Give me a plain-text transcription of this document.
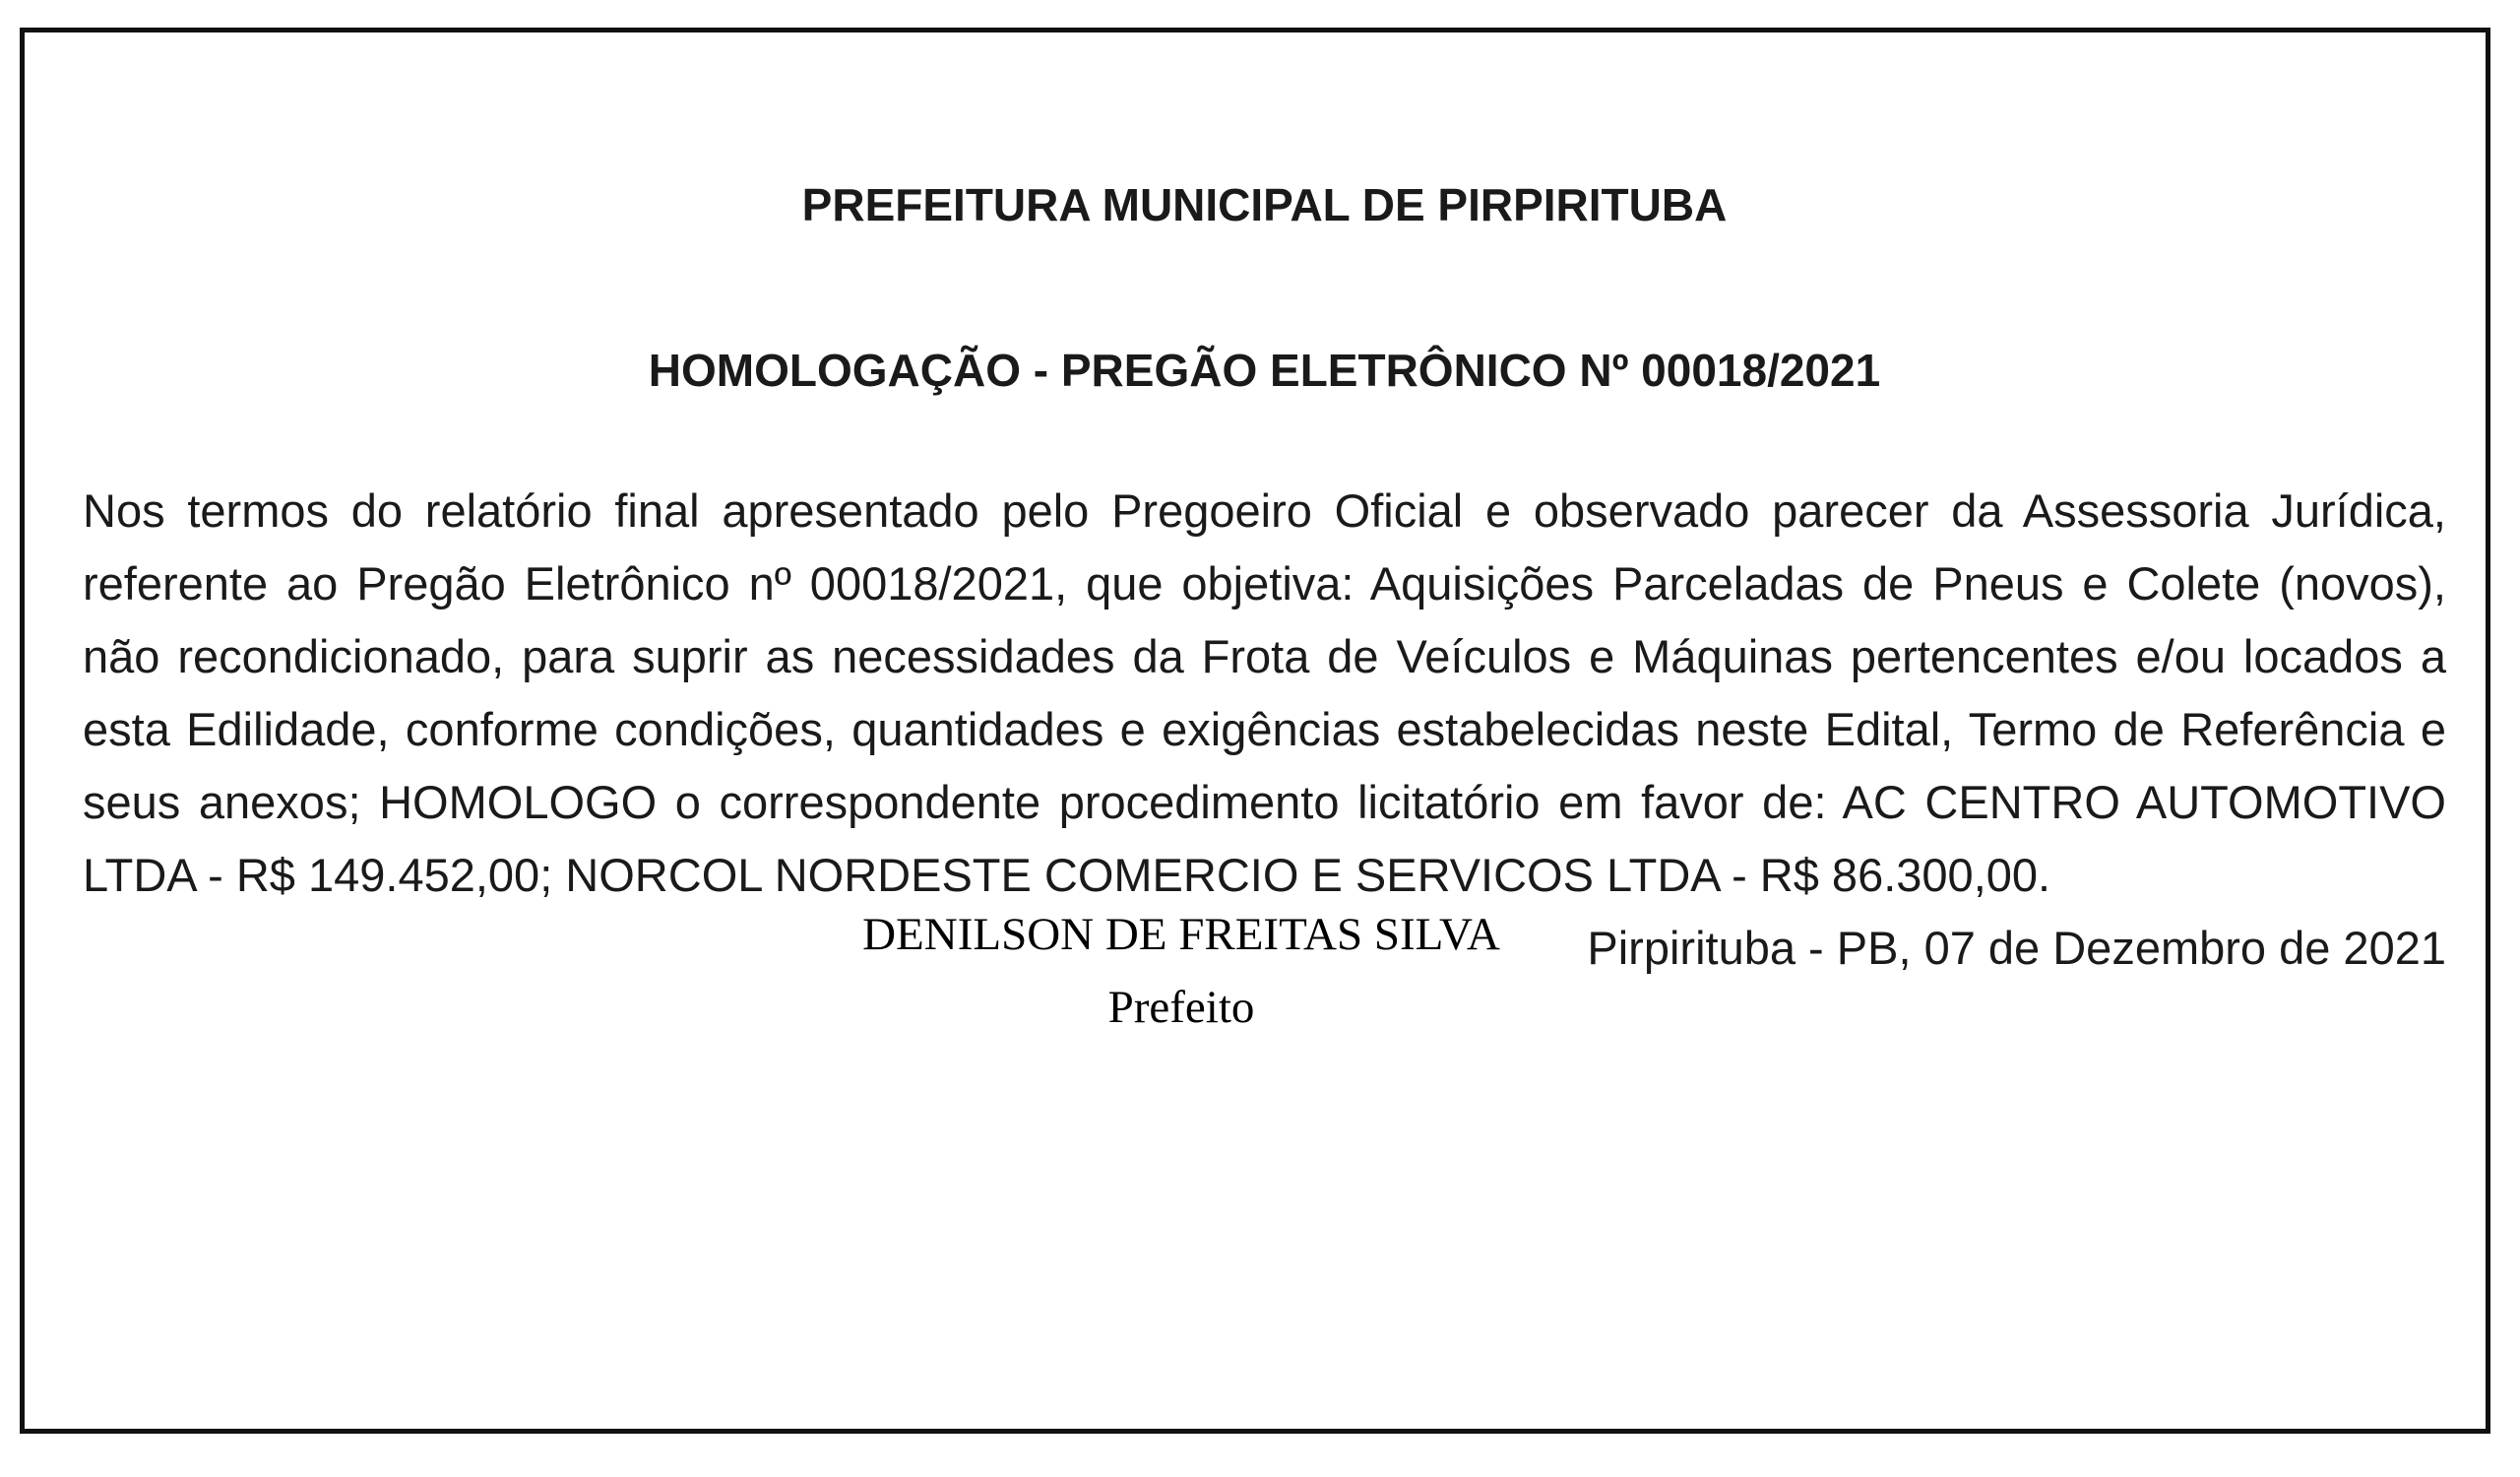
PREFEITURA MUNICIPAL DE PIRPIRITUBA
HOMOLOGAÇÃO - PREGÃO ELETRÔNICO Nº 00018/2021

Nos termos do relatório final apresentado pelo Pregoeiro Oficial e observado parecer da Assessoria Jurídica, referente ao Pregão Eletrônico nº 00018/2021, que objetiva: Aquisições Parceladas de Pneus e Colete (novos), não recondicionado, para suprir as necessidades da Frota de Veículos e Máquinas pertencentes e/ou locados a esta Edilidade, conforme condições, quantidades e exigências estabelecidas neste Edital, Termo de Referência e seus anexos; HOMOLOGO o correspondente procedimento licitatório em favor de: AC CENTRO AUTOMOTIVO LTDA - R$ 149.452,00; NORCOL NORDESTE COMERCIO E SERVICOS LTDA - R$ 86.300,00.

Pirpirituba - PB, 07 de Dezembro de 2021

DENILSON DE FREITAS SILVA

Prefeito
